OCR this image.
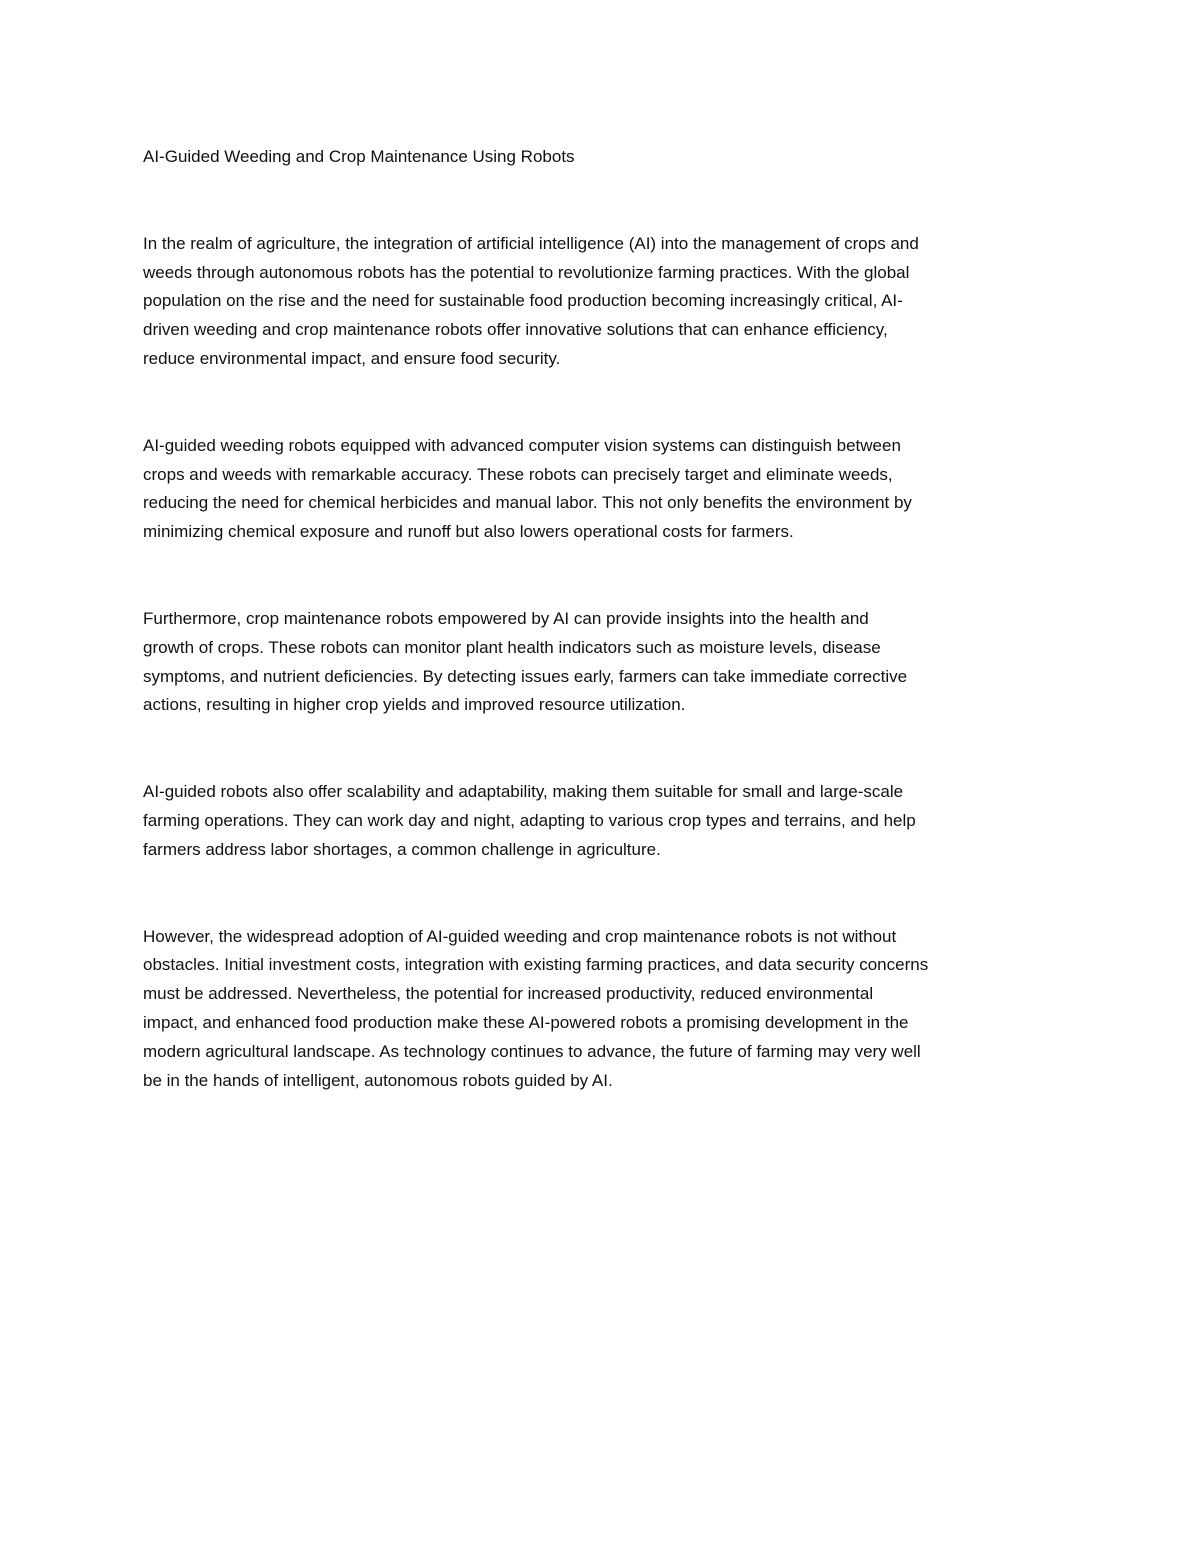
AI-Guided Weeding and Crop Maintenance Using Robots

In the realm of agriculture, the integration of artificial intelligence (AI) into the management of crops and
weeds through autonomous robots has the potential to revolutionize farming practices. With the global
population on the rise and the need for sustainable food production becoming increasingly critical, AI-
driven weeding and crop maintenance robots offer innovative solutions that can enhance efficiency,
reduce environmental impact, and ensure food security.

AI-guided weeding robots equipped with advanced computer vision systems can distinguish between
crops and weeds with remarkable accuracy. These robots can precisely target and eliminate weeds,
reducing the need for chemical herbicides and manual labor. This not only benefits the environment by
minimizing chemical exposure and runoff but also lowers operational costs for farmers.

Furthermore, crop maintenance robots empowered by AI can provide insights into the health and
growth of crops. These robots can monitor plant health indicators such as moisture levels, disease
symptoms, and nutrient deficiencies. By detecting issues early, farmers can take immediate corrective
actions, resulting in higher crop yields and improved resource utilization.

AI-guided robots also offer scalability and adaptability, making them suitable for small and large-scale
farming operations. They can work day and night, adapting to various crop types and terrains, and help
farmers address labor shortages, a common challenge in agriculture.

However, the widespread adoption of AI-guided weeding and crop maintenance robots is not without
obstacles. Initial investment costs, integration with existing farming practices, and data security concerns
must be addressed. Nevertheless, the potential for increased productivity, reduced environmental
impact, and enhanced food production make these AI-powered robots a promising development in the
modern agricultural landscape. As technology continues to advance, the future of farming may very well
be in the hands of intelligent, autonomous robots guided by AI.
